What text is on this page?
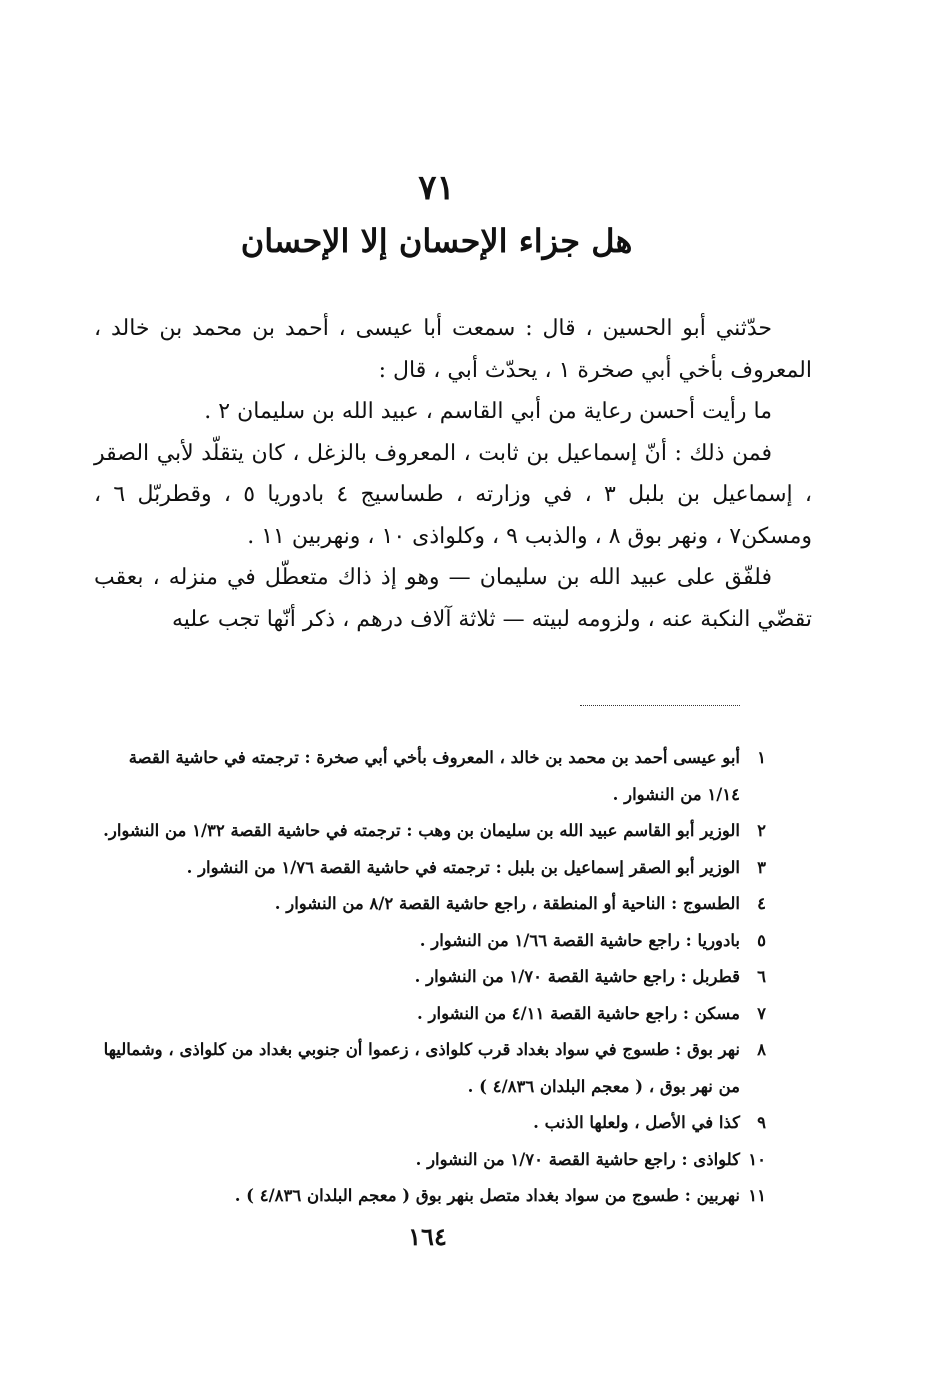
٧١
هل جزاء الإحسان إلا الإحسان

حدّثني أبو الحسين ، قال : سمعت أبا عيسى ، أحمد بن محمد بن خالد ، المعروف بأخي أبي صخرة ١ ، يحدّث أبي ، قال :

ما رأيت أحسن رعاية من أبي القاسم ، عبيد الله بن سليمان ٢ .

فمن ذلك : أنّ إسماعيل بن ثابت ، المعروف بالزغل ، كان يتقلّد لأبي الصقر ، إسماعيل بن بلبل ٣ ، في وزارته ، طساسيج ٤ بادوريا ٥ ، وقطربّل ٦ ، ومسكن٧ ، ونهر بوق ٨ ، والذبب ٩ ، وكلواذى ١٠ ، ونهربين ١١ .

فلفّق على عبيد الله بن سليمان — وهو إذ ذاك متعطّل في منزله ، بعقب تقضّي النكبة عنه ، ولزومه لبيته — ثلاثة آلاف درهم ، ذكر أنّها تجب عليه

١
أبو عيسى أحمد بن محمد بن خالد ، المعروف بأخي أبي صخرة : ترجمته في حاشية القصة ١/١٤ من النشوار .
٢
الوزير أبو القاسم عبيد الله بن سليمان بن وهب : ترجمته في حاشية القصة ١/٣٢ من النشوار.
٣
الوزير أبو الصقر إسماعيل بن بلبل : ترجمته في حاشية القصة ١/٧٦ من النشوار .
٤
الطسوج : الناحية أو المنطقة ، راجع حاشية القصة ٨/٢ من النشوار .
٥
بادوريا : راجع حاشية القصة ١/٦٦ من النشوار .
٦
قطربل : راجع حاشية القصة ١/٧٠ من النشوار .
٧
مسكن : راجع حاشية القصة ٤/١١ من النشوار .
٨
نهر بوق : طسوج في سواد بغداد قرب كلواذى ، زعموا أن جنوبي بغداد من كلواذى ، وشماليها من نهر بوق ، ( معجم البلدان ٤/٨٣٦ ) .
٩
كذا في الأصل ، ولعلها الذنب .
١٠
كلواذى : راجع حاشية القصة ١/٧٠ من النشوار .
١١
نهربين : طسوج من سواد بغداد متصل بنهر بوق ( معجم البلدان ٤/٨٣٦ ) .
١٦٤
